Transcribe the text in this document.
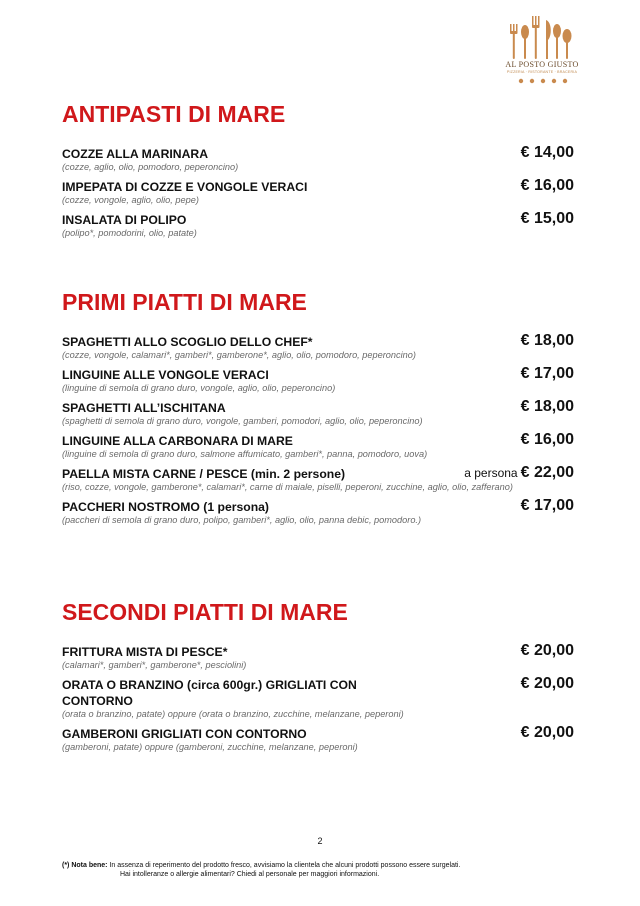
AL POSTO GIUSTO
PIZZERIA · RISTORANTE · BRACERIA
ANTIPASTI DI MARE
COZZE ALLA MARINARA
(cozze, aglio, olio, pomodoro, peperoncino)
€ 14,00
IMPEPATA DI COZZE E VONGOLE VERACI
(cozze, vongole, aglio, olio, pepe)
€ 16,00
INSALATA DI POLIPO
(polipo*, pomodorini, olio, patate)
€ 15,00
PRIMI PIATTI DI MARE
SPAGHETTI ALLO SCOGLIO DELLO CHEF*
(cozze, vongole, calamari*, gamberi*, gamberone*, aglio, olio, pomodoro, peperoncino)
€ 18,00
LINGUINE ALLE VONGOLE VERACI
(linguine di semola di grano duro, vongole, aglio, olio, peperoncino)
€ 17,00
SPAGHETTI ALL’ISCHITANA
(spaghetti di semola di grano duro, vongole, gamberi, pomodori, aglio, olio, peperoncino)
€ 18,00
LINGUINE ALLA CARBONARA DI MARE
(linguine di semola di grano duro, salmone affumicato, gamberi*, panna, pomodoro, uova)
€ 16,00
PAELLA MISTA CARNE / PESCE (min. 2 persone)
(riso, cozze, vongole, gamberone*, calamari*, carne di maiale, piselli, peperoni, zucchine, aglio, olio, zafferano)
a persona € 22,00
PACCHERI NOSTROMO (1 persona)
(paccheri di semola di grano duro, polipo, gamberi*, aglio, olio, panna debic, pomodoro.)
€ 17,00
SECONDI PIATTI DI MARE
FRITTURA MISTA DI PESCE*
(calamari*, gamberi*, gamberone*, pesciolini)
€ 20,00
ORATA O BRANZINO (circa 600gr.) GRIGLIATI CON CONTORNO
(orata o branzino, patate) oppure (orata o branzino, zucchine, melanzane, peperoni)
€ 20,00
GAMBERONI GRIGLIATI CON CONTORNO
(gamberoni, patate) oppure (gamberoni, zucchine, melanzane, peperoni)
€ 20,00
2
(*) Nota bene: In assenza di reperimento del prodotto fresco, avvisiamo la clientela che alcuni prodotti possono essere surgelati.
Hai intolleranze o allergie alimentari? Chiedi al personale per maggiori informazioni.
